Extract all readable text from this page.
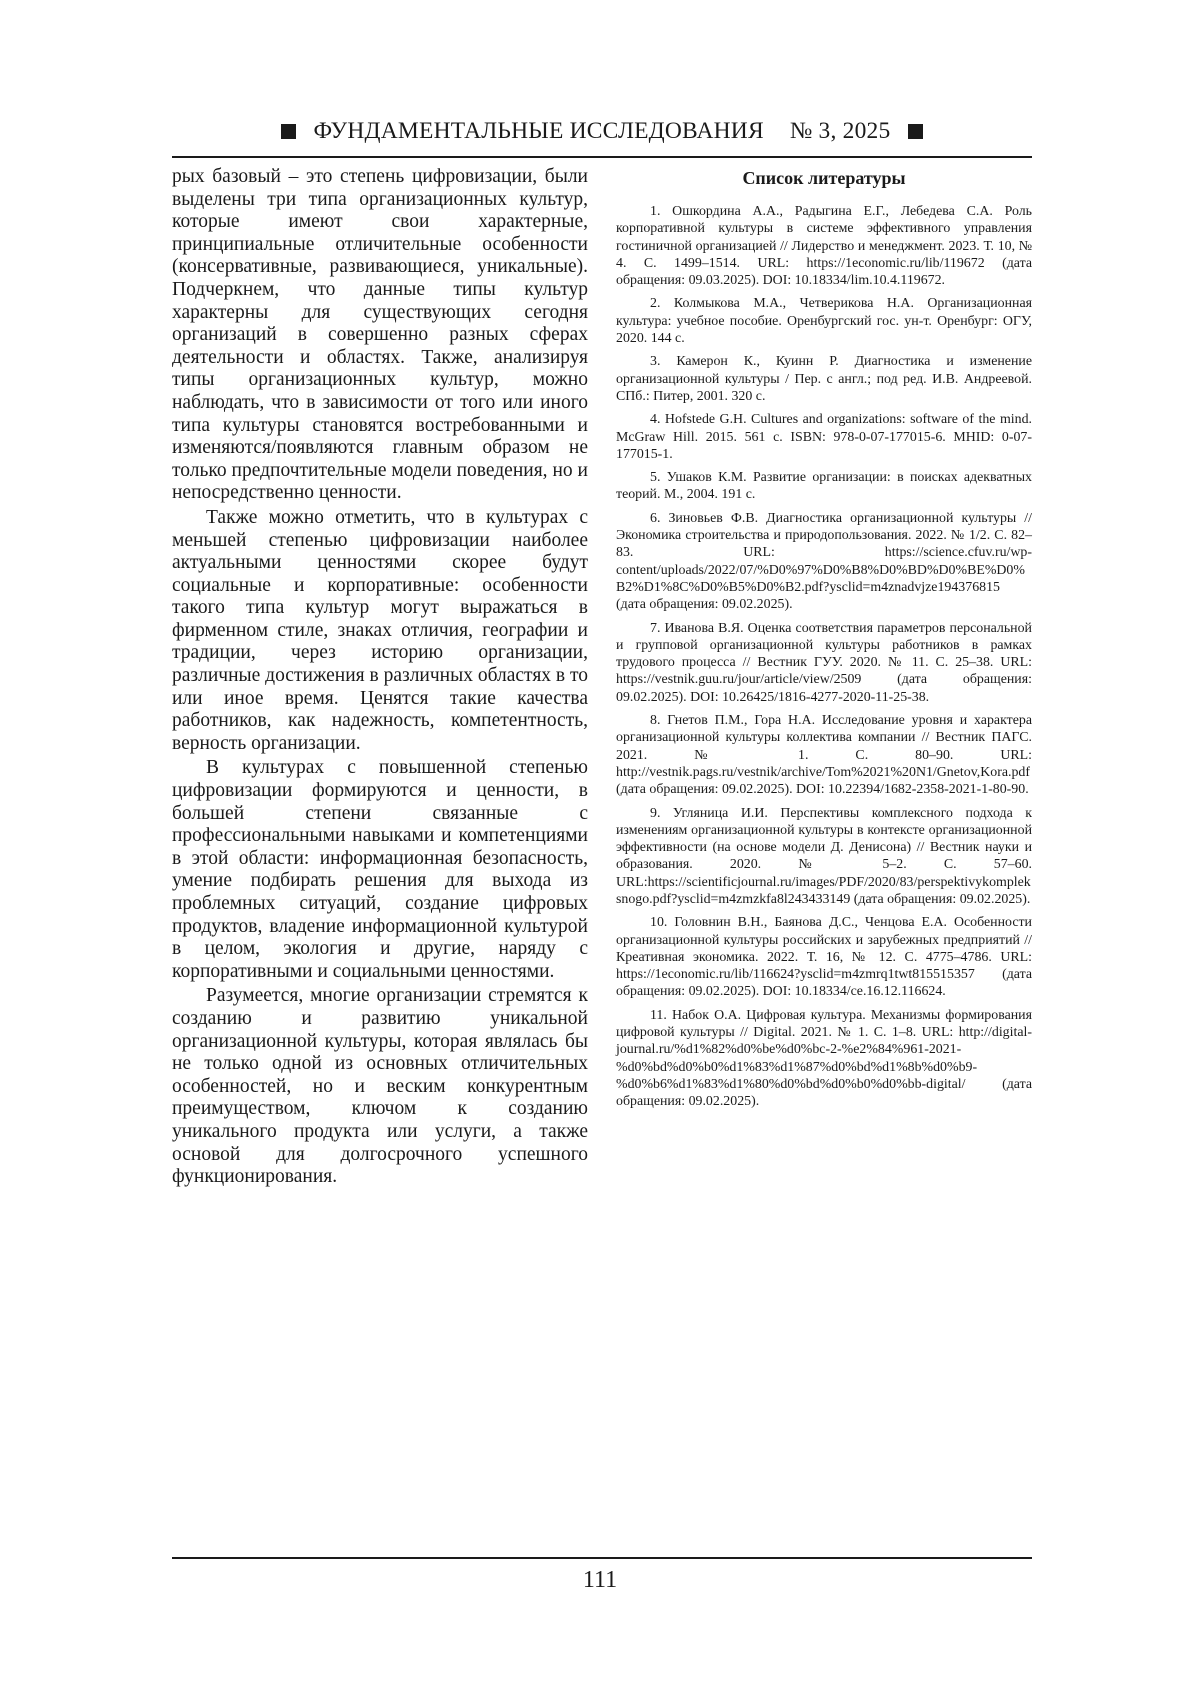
ФУНДАМЕНТАЛЬНЫЕ ИССЛЕДОВАНИЯ № 3, 2025

рых базовый – это степень цифровизации, были выделены три типа организационных культур, которые имеют свои характерные, принципиальные отличительные особенности (консервативные, развивающиеся, уникальные). Подчеркнем, что данные типы культур характерны для существующих сегодня организаций в совершенно разных сферах деятельности и областях. Также, анализируя типы организационных культур, можно наблюдать, что в зависимости от того или иного типа культуры становятся востребованными и изменяются/появляются главным образом не только предпочтительные модели поведения, но и непосредственно ценности.

Также можно отметить, что в культурах с меньшей степенью цифровизации наиболее актуальными ценностями скорее будут социальные и корпоративные: особенности такого типа культур могут выражаться в фирменном стиле, знаках отличия, географии и традиции, через историю организации, различные достижения в различных областях в то или иное время. Ценятся такие качества работников, как надежность, компетентность, верность организации.

В культурах с повышенной степенью цифровизации формируются и ценности, в большей степени связанные с профессиональными навыками и компетенциями в этой области: информационная безопасность, умение подбирать решения для выхода из проблемных ситуаций, создание цифровых продуктов, владение информационной культурой в целом, экология и другие, наряду с корпоративными и социальными ценностями.

Разумеется, многие организации стремятся к созданию и развитию уникальной организационной культуры, которая являлась бы не только одной из основных отличительных особенностей, но и веским конкурентным преимуществом, ключом к созданию уникального продукта или услуги, а также основой для долгосрочного успешного функционирования.

Список литературы
1. Ошкордина А.А., Радыгина Е.Г., Лебедева С.А. Роль корпоративной культуры в системе эффективного управления гостиничной организацией // Лидерство и менеджмент. 2023. Т. 10, № 4. С. 1499–1514. URL: https://1economic.ru/lib/119672 (дата обращения: 09.03.2025). DOI: 10.18334/lim.10.4.119672.
2. Колмыкова М.А., Четверикова Н.А. Организационная культура: учебное пособие. Оренбургский гос. ун-т. Оренбург: ОГУ, 2020. 144 с.
3. Камерон К., Куинн Р. Диагностика и изменение организационной культуры / Пер. с англ.; под ред. И.В. Андреевой. СПб.: Питер, 2001. 320 с.
4. Hofstede G.H. Cultures and organizations: software of the mind. McGraw Hill. 2015. 561 с. ISBN: 978-0-07-177015-6. MHID: 0-07-177015-1.
5. Ушаков К.М. Развитие организации: в поисках адекватных теорий. М., 2004. 191 с.
6. Зиновьев Ф.В. Диагностика организационной культуры // Экономика строительства и природопользования. 2022. № 1/2. С. 82–83. URL: https://science.cfuv.ru/wp-content/uploads/2022/07/%D0%97%D0%B8%D0%BD%D0%BE%D0%B2%D1%8C%D0%B5%D0%B2.pdf?ysclid=m4znadvjze194376815 (дата обращения: 09.02.2025).
7. Иванова В.Я. Оценка соответствия параметров персональной и групповой организационной культуры работников в рамках трудового процесса // Вестник ГУУ. 2020. № 11. С. 25–38. URL: https://vestnik.guu.ru/jour/article/view/2509 (дата обращения: 09.02.2025). DOI: 10.26425/1816-4277-2020-11-25-38.
8. Гнетов П.М., Гора Н.А. Исследование уровня и характера организационной культуры коллектива компании // Вестник ПАГС. 2021. № 1. С. 80–90. URL: http://vestnik.pags.ru/vestnik/archive/Tom%2021%20N1/Gnetov,Kora.pdf (дата обращения: 09.02.2025). DOI: 10.22394/1682-2358-2021-1-80-90.
9. Угляница И.И. Перспективы комплексного подхода к изменениям организационной культуры в контексте организационной эффективности (на основе модели Д. Денисона) // Вестник науки и образования. 2020. № 5–2. С. 57–60. URL:https://scientificjournal.ru/images/PDF/2020/83/perspektivykompleksnogo.pdf?ysclid=m4zmzkfa8l243433149 (дата обращения: 09.02.2025).
10. Головнин В.Н., Баянова Д.С., Ченцова Е.А. Особенности организационной культуры российских и зарубежных предприятий // Креативная экономика. 2022. Т. 16, № 12. С. 4775–4786. URL: https://1economic.ru/lib/116624?ysclid=m4zmrq1twt815515357 (дата обращения: 09.02.2025). DOI: 10.18334/ce.16.12.116624.
11. Набок О.А. Цифровая культура. Механизмы формирования цифровой культуры // Digital. 2021. № 1. С. 1–8. URL: http://digital-journal.ru/%d1%82%d0%be%d0%bc-2-%e2%84%961-2021-%d0%bd%d0%b0%d1%83%d1%87%d0%bd%d1%8b%d0%b9-%d0%b6%d1%83%d1%80%d0%bd%d0%b0%d0%bb-digital/ (дата обращения: 09.02.2025).
111
